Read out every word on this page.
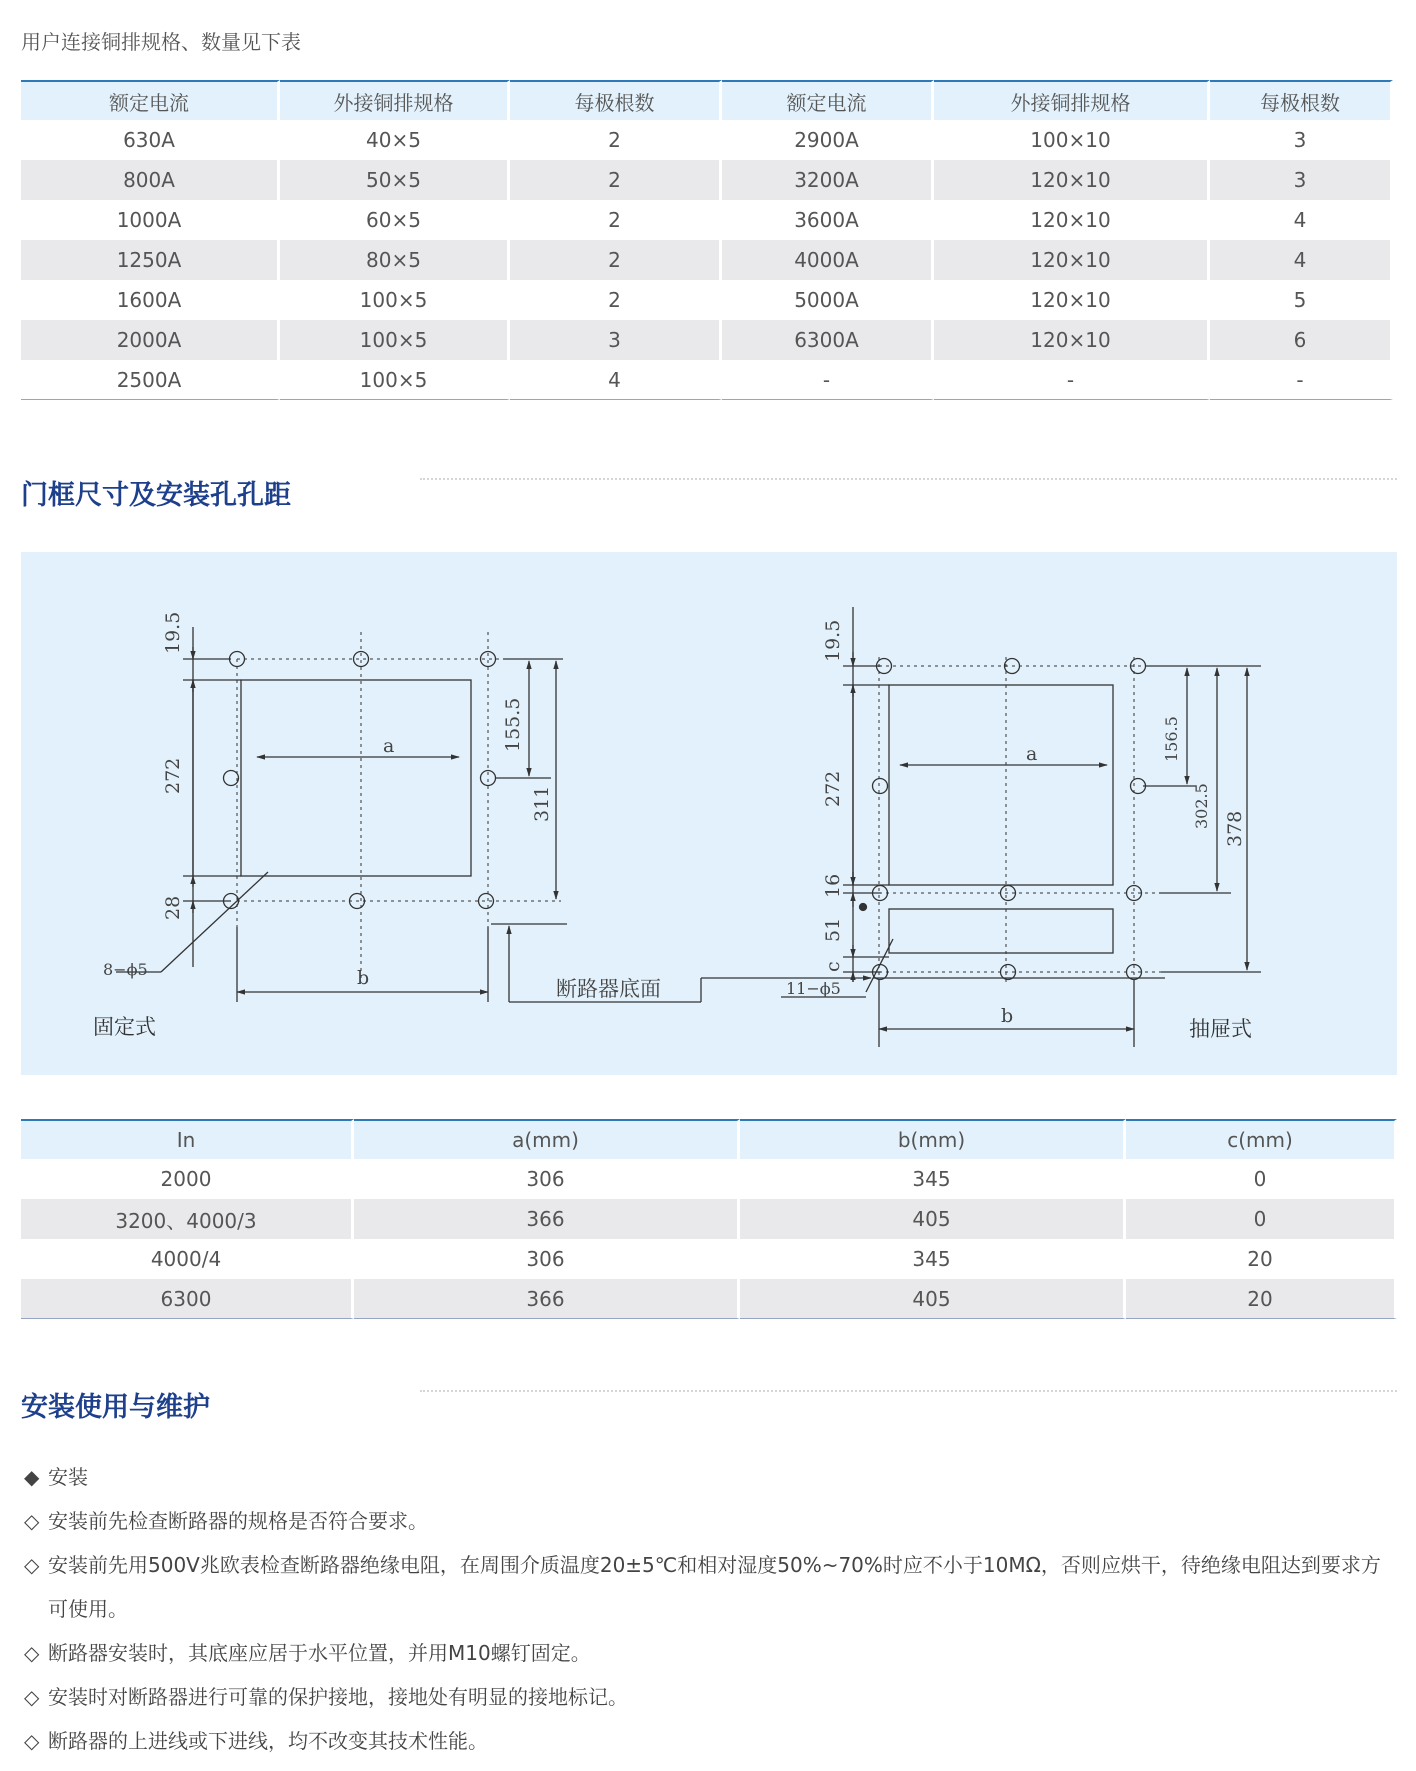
用户连接铜排规格、数量见下表
额定电流	外接铜排规格	每极根数	额定电流	外接铜排规格	每极根数
630A	40×5	2	2900A	100×10	3
800A	50×5	2	3200A	120×10	3
1000A	60×5	2	3600A	120×10	4
1250A	80×5	2	4000A	120×10	4
1600A	100×5	2	5000A	120×10	5
2000A	100×5	3	6300A	120×10	6
2500A	100×5	4	-	-	-
门框尺寸及安装孔孔距
19.5
272
28
155.5
311
a
b
8−ϕ5
断路器底面
19.5
272
16
51
c
156.5
302.5 378
a
b
11−ϕ5
固定式	抽屉式
In	a(mm)	b(mm)	c(mm)
2000	306	345	0
3200、4000/3	366	405	0
4000/4	306	345	20
6300	366	405	20
安装使用与维护
◆ 安装
◇ 安装前先检查断路器的规格是否符合要求。
◇ 安装前先用500V兆欧表检查断路器绝缘电阻，在周围介质温度20±5℃和相对湿度50%~70%时应不小于10MΩ，否则应烘干，待绝缘电阻达到要求方可使用。
◇ 断路器安装时，其底座应居于水平位置，并用M10螺钉固定。
◇ 安装时对断路器进行可靠的保护接地，接地处有明显的接地标记。
◇ 断路器的上进线或下进线，均不改变其技术性能。
